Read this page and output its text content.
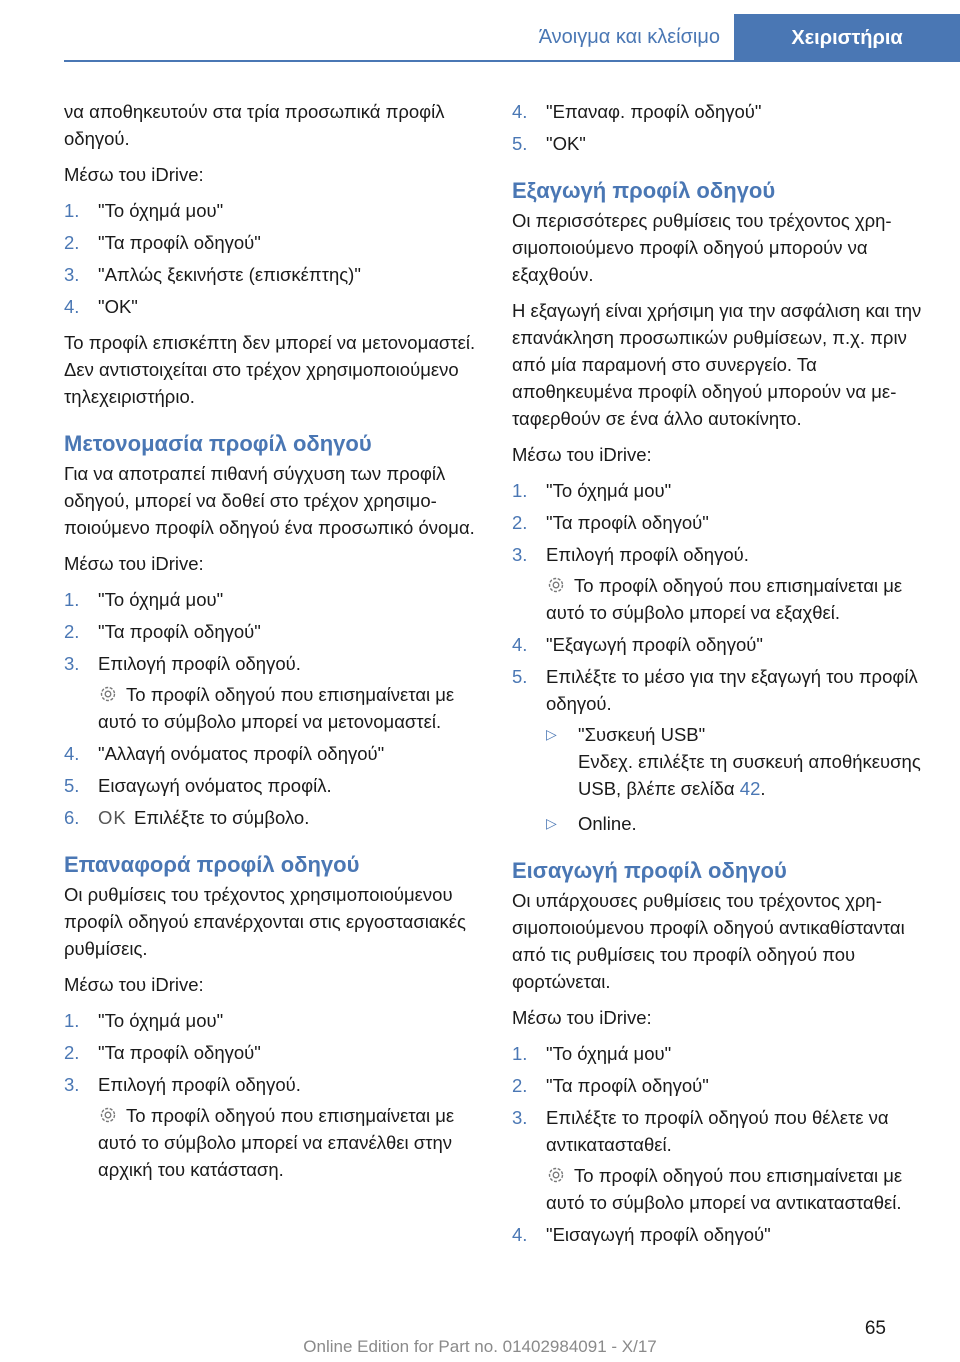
Άνοιγμα και κλείσιμο	Χειριστήρια

να αποθηκευτούν στα τρία προσωπικά προφίλ οδηγού.

Μέσω του iDrive:

1. "Το όχημά μου"
2. "Τα προφίλ οδηγού"
3. "Απλώς ξεκινήστε (επισκέπτης)"
4. "OK"

Το προφίλ επισκέπτη δεν μπορεί να μετονομαστεί. Δεν αντιστοιχείται στο τρέχον χρησιμοποιούμενο τηλεχειριστήριο.

Μετονομασία προφίλ οδηγού

Για να αποτραπεί πιθανή σύγχυση των προφίλ οδηγού, μπορεί να δοθεί στο τρέχον χρησιμοποιούμενο προφίλ οδηγού ένα προσωπικό όνομα.

Μέσω του iDrive:

1. "Το όχημά μου"
2. "Τα προφίλ οδηγού"
3. Επιλογή προφίλ οδηγού.
Το προφίλ οδηγού που επισημαίνεται με αυτό το σύμβολο μπορεί να μετονομαστεί.
4. "Αλλαγή ονόματος προφίλ οδηγού"
5. Εισαγωγή ονόματος προφίλ.
6. OK Επιλέξτε το σύμβολο.
Επαναφορά προφίλ οδηγού

Οι ρυθμίσεις του τρέχοντος χρησιμοποιούμενου προφίλ οδηγού επανέρχονται στις εργοστασιακές ρυθμίσεις.

Μέσω του iDrive:

1. "Το όχημά μου"
2. "Τα προφίλ οδηγού"
3. Επιλογή προφίλ οδηγού.
Το προφίλ οδηγού που επισημαίνεται με αυτό το σύμβολο μπορεί να επανέλθει στην αρχική του κατάσταση.
4. "Επαναφ. προφίλ οδηγού"
5. "OK"
Εξαγωγή προφίλ οδηγού

Οι περισσότερες ρυθμίσεις του τρέχοντος χρησιμοποιούμενο προφίλ οδηγού μπορούν να εξαχθούν.

Η εξαγωγή είναι χρήσιμη για την ασφάλιση και την επανάκληση προσωπικών ρυθμίσεων, π.χ. πριν από μία παραμονή στο συνεργείο. Τα αποθηκευμένα προφίλ οδηγού μπορούν να μεταφερθούν σε ένα άλλο αυτοκίνητο.

Μέσω του iDrive:

1. "Το όχημά μου"
2. "Τα προφίλ οδηγού"
3. Επιλογή προφίλ οδηγού.
Το προφίλ οδηγού που επισημαίνεται με αυτό το σύμβολο μπορεί να εξαχθεί.
4. "Εξαγωγή προφίλ οδηγού"
5. Επιλέξτε το μέσο για την εξαγωγή του προφίλ οδηγού.
▷ "Συσκευή USB"
Ενδεχ. επιλέξτε τη συσκευή αποθήκευσης USB, βλέπε σελίδα 42.
▷ Online.
Εισαγωγή προφίλ οδηγού

Οι υπάρχουσες ρυθμίσεις του τρέχοντος χρησιμοποιούμενου προφίλ οδηγού αντικαθίστανται από τις ρυθμίσεις του προφίλ οδηγού που φορτώνεται.

Μέσω του iDrive:

1. "Το όχημά μου"
2. "Τα προφίλ οδηγού"
3. Επιλέξτε το προφίλ οδηγού που θέλετε να αντικατασταθεί.
Το προφίλ οδηγού που επισημαίνεται με αυτό το σύμβολο μπορεί να αντικατασταθεί.
4. "Εισαγωγή προφίλ οδηγού"
65
Online Edition for Part no. 01402984091 - X/17
